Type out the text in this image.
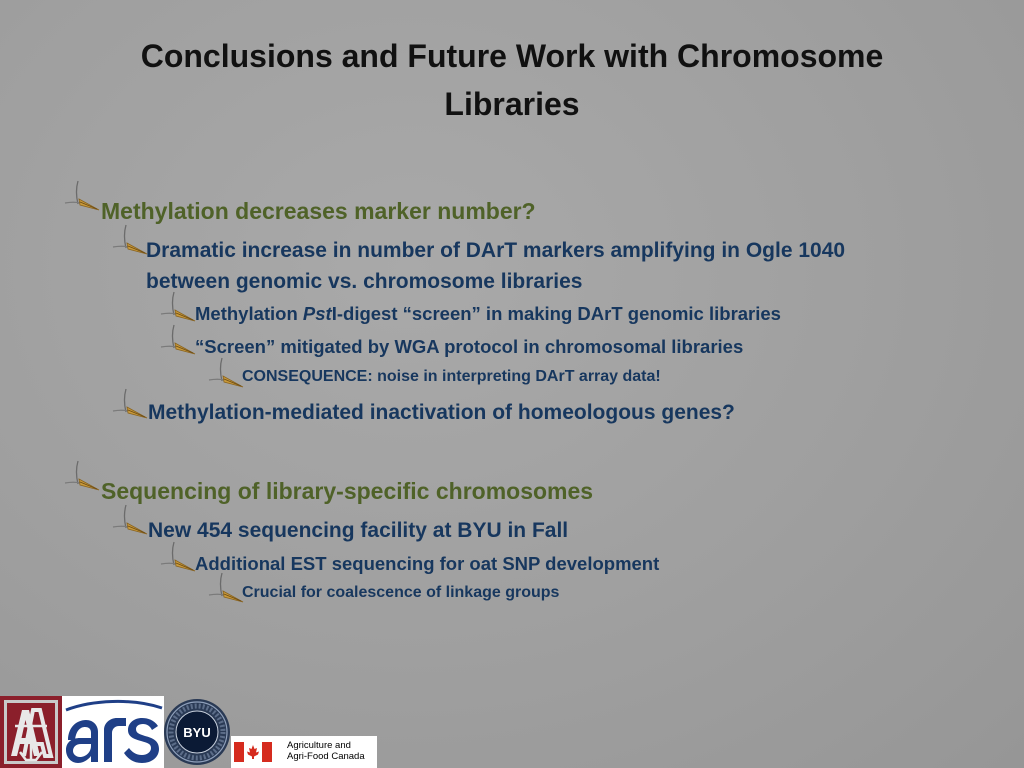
Conclusions and Future Work with Chromosome Libraries
Methylation decreases marker number?
Dramatic increase in number of DArT markers amplifying in Ogle 1040
between genomic vs. chromosome libraries
Methylation PstI-digest “screen” in making DArT genomic libraries
“Screen” mitigated by WGA protocol in chromosomal libraries
CONSEQUENCE: noise in interpreting DArT array data!
Methylation-mediated inactivation of homeologous genes?
Sequencing of library-specific chromosomes
New 454 sequencing facility at BYU in Fall
Additional EST sequencing for oat SNP development
Crucial for coalescence of linkage groups
BYU
Agriculture and
Agri-Food Canada
